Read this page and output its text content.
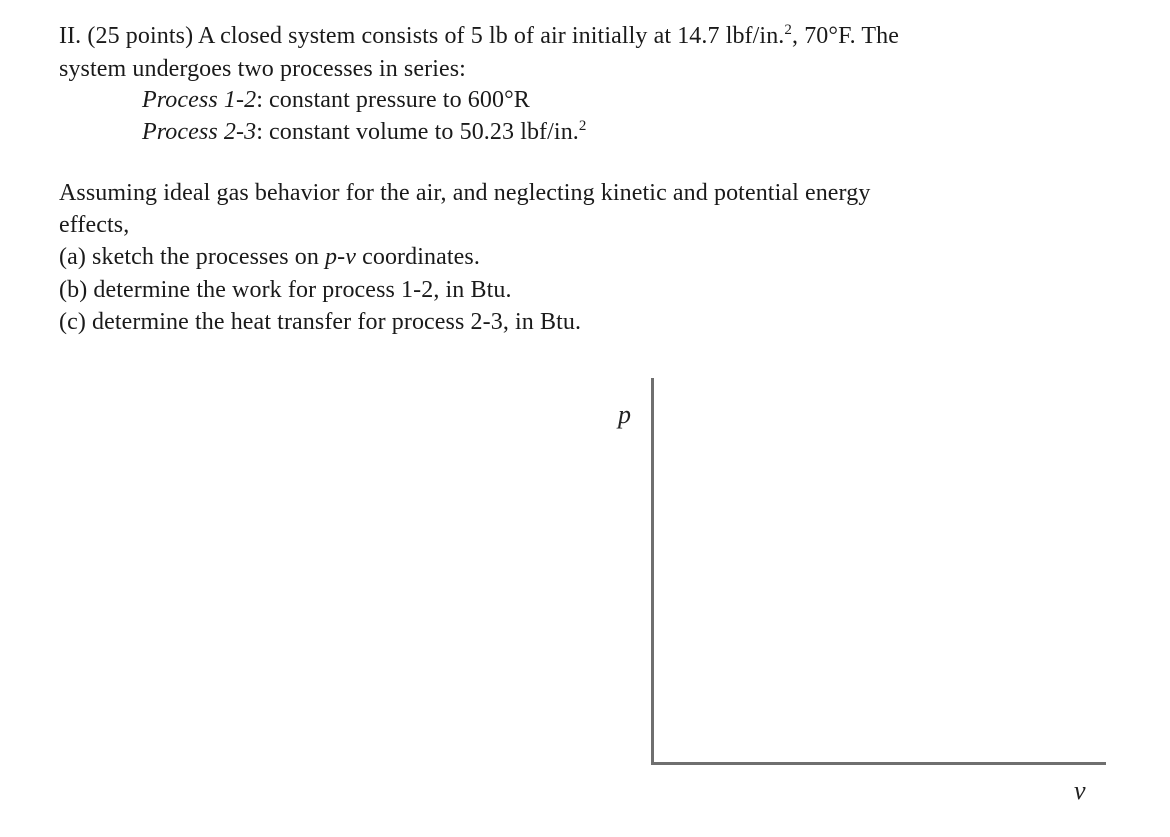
II. (25 points) A closed system consists of 5 lb of air initially at 14.7 lbf/in.$^2$, 70°F. The
system undergoes two processes in series:
Process 1-2: constant pressure to 600°R
Process 2-3: constant volume to 50.23 lbf/in.$^2$
Assuming ideal gas behavior for the air, and neglecting kinetic and potential energy
effects,
(a) sketch the processes on p-v coordinates.
(b) determine the work for process 1-2, in Btu.
(c) determine the heat transfer for process 2-3, in Btu.
p
v
